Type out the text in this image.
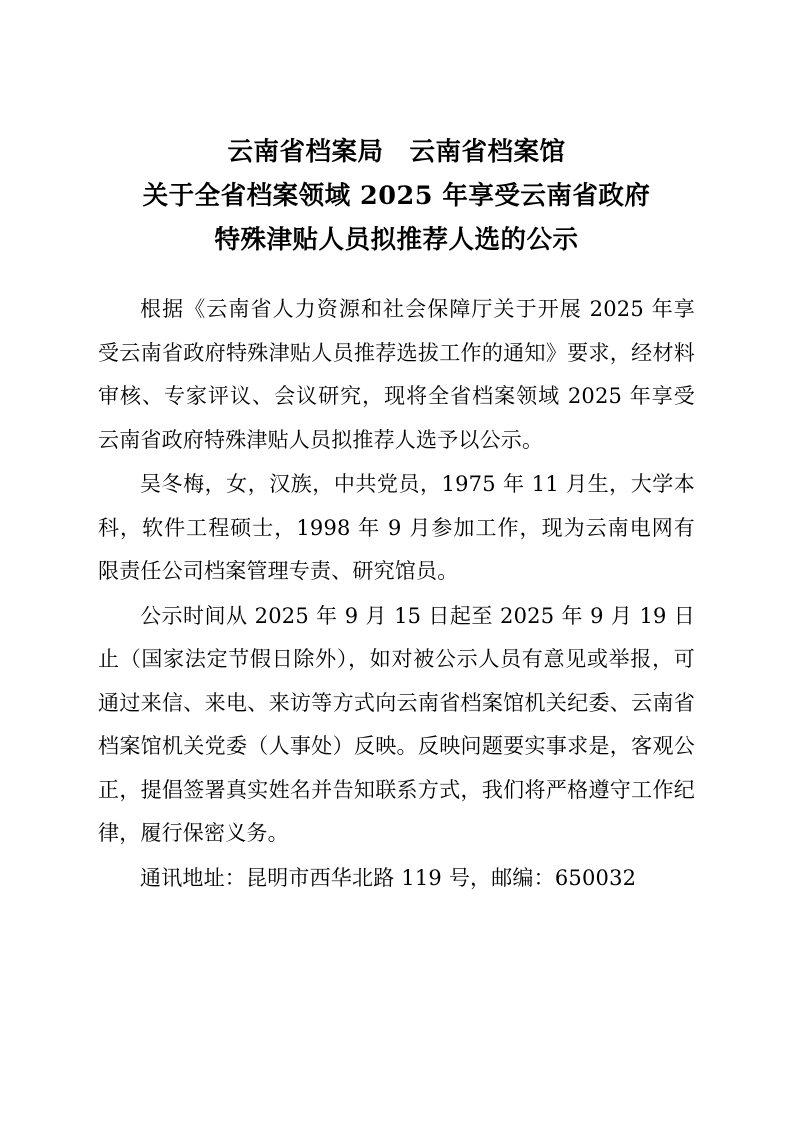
云南省档案局　云南省档案馆
关于全省档案领域 2025 年享受云南省政府
特殊津贴人员拟推荐人选的公示

根据《云南省人力资源和社会保障厅关于开展 2025 年享受云南省政府特殊津贴人员推荐选拔工作的通知》要求，经材料审核、专家评议、会议研究，现将全省档案领域 2025 年享受云南省政府特殊津贴人员拟推荐人选予以公示。

吴冬梅，女，汉族，中共党员，1975 年 11 月生，大学本科，软件工程硕士，1998 年 9 月参加工作，现为云南电网有限责任公司档案管理专责、研究馆员。

公示时间从 2025 年 9 月 15 日起至 2025 年 9 月 19 日止（国家法定节假日除外），如对被公示人员有意见或举报，可通过来信、来电、来访等方式向云南省档案馆机关纪委、云南省档案馆机关党委（人事处）反映。反映问题要实事求是，客观公正，提倡签署真实姓名并告知联系方式，我们将严格遵守工作纪律，履行保密义务。

通讯地址：昆明市西华北路 119 号，邮编：650032
